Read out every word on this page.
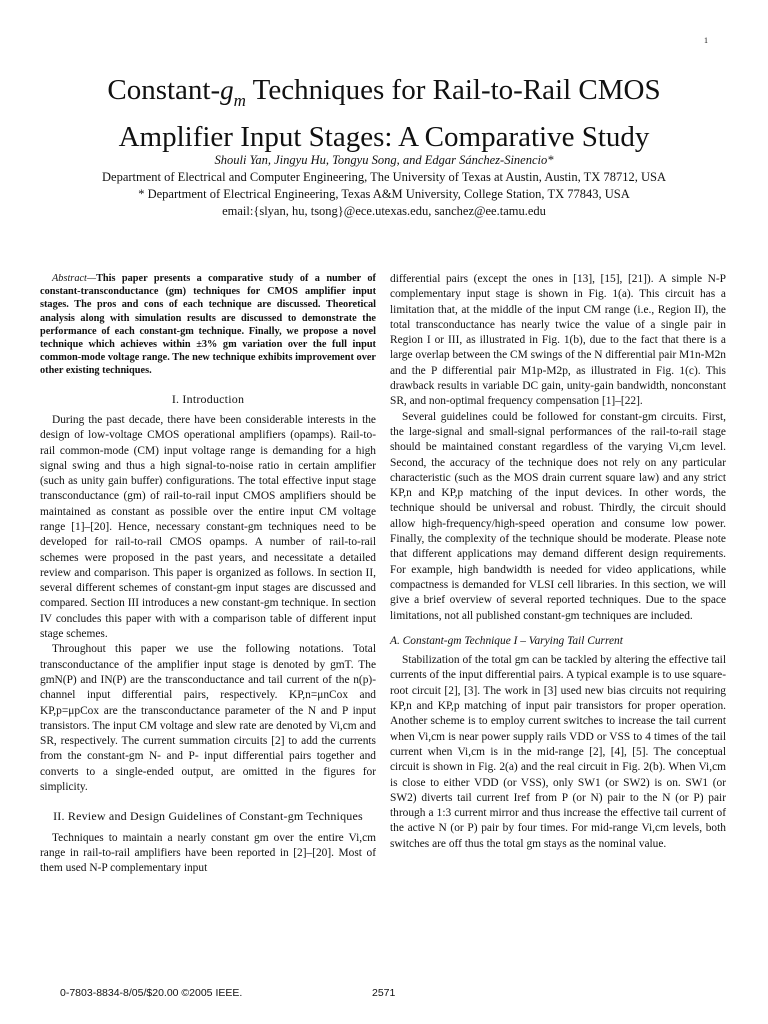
1
Constant-$g_m$ Techniques for Rail-to-Rail CMOS
Amplifier Input Stages: A Comparative Study
Shouli Yan, Jingyu Hu, Tongyu Song, and Edgar Sánchez-Sinencio*
Department of Electrical and Computer Engineering, The University of Texas at Austin, Austin, TX 78712, USA
* Department of Electrical Engineering, Texas A&M University, College Station, TX 77843, USA
email:{slyan, hu, tsong}@ece.utexas.edu, sanchez@ee.tamu.edu

Abstract—This paper presents a comparative study of a number of constant-transconductance (gm) techniques for CMOS amplifier input stages. The pros and cons of each technique are discussed. Theoretical analysis along with simulation results are discussed to demonstrate the performance of each constant-gm technique. Finally, we propose a novel technique which achieves within ±3% gm variation over the full input common-mode voltage range. The new technique exhibits improvement over other existing techniques.

I. Introduction

During the past decade, there have been considerable interests in the design of low-voltage CMOS operational amplifiers (opamps). Rail-to-rail common-mode (CM) input voltage range is demanding for a high signal swing and thus a high signal-to-noise ratio in certain amplifier (such as unity gain buffer) configurations. The total effective input stage transconductance (gm) of rail-to-rail input CMOS amplifiers should be maintained as constant as possible over the entire input CM voltage range [1]–[20]. Hence, necessary constant-gm techniques need to be developed for rail-to-rail CMOS opamps. A number of rail-to-rail schemes were proposed in the past years, and necessitate a detailed review and comparison. This paper is organized as follows. In section II, several different schemes of constant-gm input stages are discussed and compared. Section III introduces a new constant-gm technique. In section IV concludes this paper with with a comparison table of different input stage schemes.

Throughout this paper we use the following notations. Total transconductance of the amplifier input stage is denoted by gmT. The gmN(P) and IN(P) are the transconductance and tail current of the n(p)-channel input differential pairs, respectively. KP,n=μnCox and KP,p=μpCox are the transconductance parameter of the N and P input transistors. The input CM voltage and slew rate are denoted by Vi,cm and SR, respectively. The current summation circuits [2] to add the currents from the constant-gm N- and P- input differential pairs together and converts to a single-ended output, are omitted in the figures for simplicity.

II. Review and Design Guidelines of Constant-gm Techniques

Techniques to maintain a nearly constant gm over the entire Vi,cm range in rail-to-rail amplifiers have been reported in [2]–[20]. Most of them used N-P complementary input

differential pairs (except the ones in [13], [15], [21]). A simple N-P complementary input stage is shown in Fig. 1(a). This circuit has a limitation that, at the middle of the input CM range (i.e., Region II), the total transconductance has nearly twice the value of a single pair in Region I or III, as illustrated in Fig. 1(b), due to the fact that there is a large overlap between the CM swings of the N differential pair M1n-M2n and the P differential pair M1p-M2p, as illustrated in Fig. 1(c). This drawback results in variable DC gain, unity-gain bandwidth, nonconstant SR, and non-optimal frequency compensation [1]–[22].

Several guidelines could be followed for constant-gm circuits. First, the large-signal and small-signal performances of the rail-to-rail stage should be maintained constant regardless of the varying Vi,cm level. Second, the accuracy of the technique does not rely on any particular characteristic (such as the MOS drain current square law) and any strict KP,n and KP,p matching of the input devices. In other words, the technique should be universal and robust. Thirdly, the circuit should allow high-frequency/high-speed operation and consume low power. Finally, the complexity of the technique should be moderate. Please note that different applications may demand different design requirements. For example, high bandwidth is needed for video applications, while compactness is demanded for VLSI cell libraries. In this section, we will give a brief overview of several reported techniques. Due to the space limitations, not all published constant-gm techniques are included.

A. Constant-gm Technique I – Varying Tail Current

Stabilization of the total gm can be tackled by altering the effective tail currents of the input differential pairs. A typical example is to use square-root circuit [2], [3]. The work in [3] used new bias circuits not requiring KP,n and KP,p matching of input pair transistors for proper operation. Another scheme is to employ current switches to increase the tail current when Vi,cm is near power supply rails VDD or VSS to 4 times of the tail current when Vi,cm is in the mid-range [2], [4], [5]. The conceptual circuit is shown in Fig. 2(a) and the real circuit in Fig. 2(b). When Vi,cm is close to either VDD (or VSS), only SW1 (or SW2) is on. SW1 (or SW2) diverts tail current Iref from P (or N) pair to the N (or P) pair through a 1:3 current mirror and thus increase the effective tail current of the active N (or P) pair by four times. For mid-range Vi,cm levels, both switches are off thus the total gm stays as the nominal value.

0-7803-8834-8/05/$20.00 ©2005 IEEE.	2571
